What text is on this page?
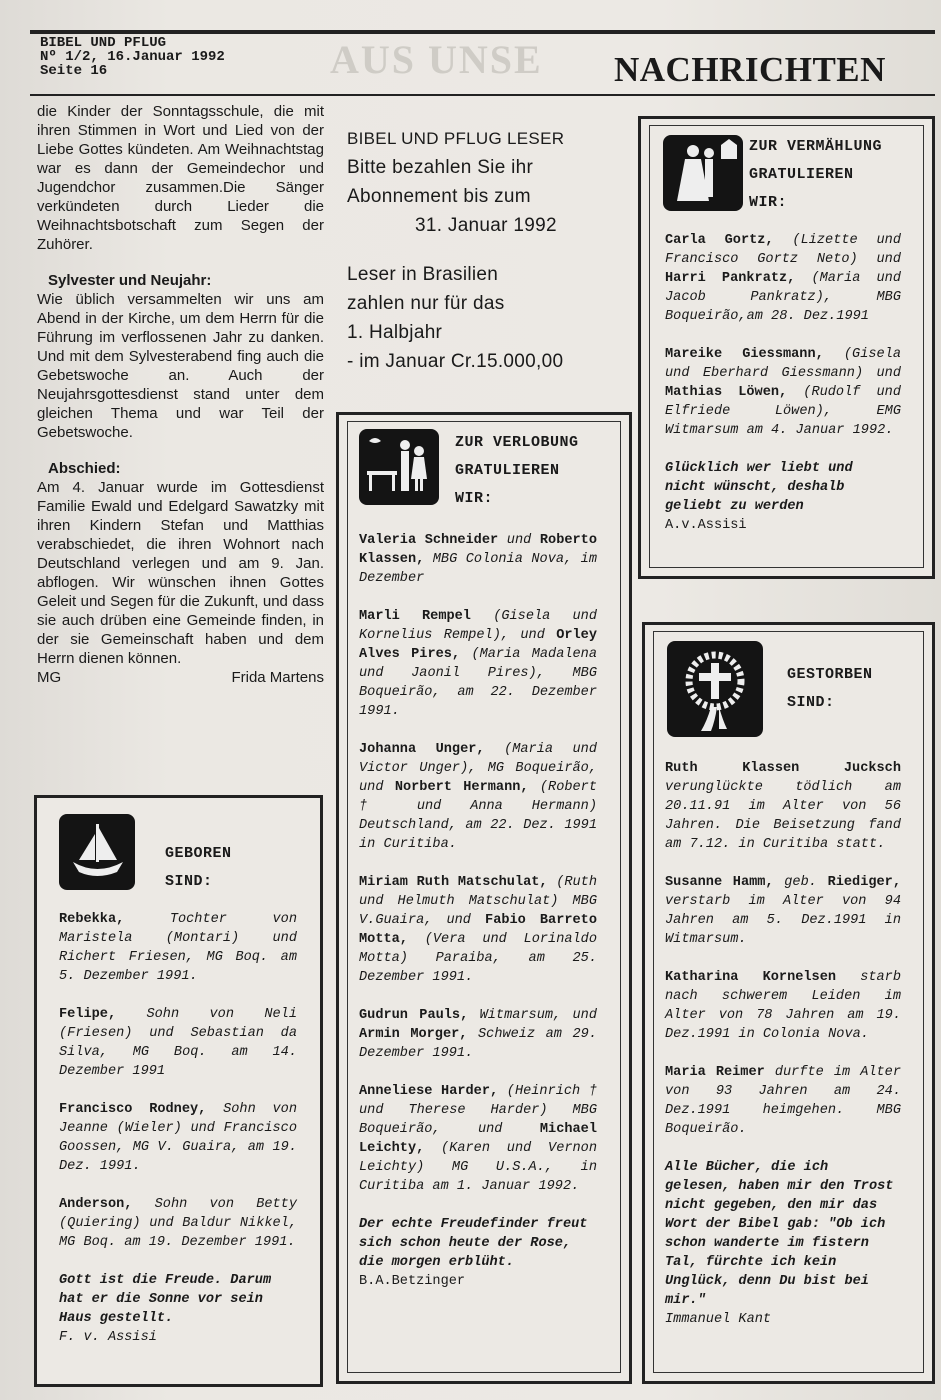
AUS UNSE
BIBEL UND PFLUG
Nº 1/2, 16.Januar 1992
Seite 16	NACHRICHTEN

die Kinder der Sonntagsschule, die mit ihren Stimmen in Wort und Lied von der Liebe Gottes kündeten. Am Weihnachtstag war es dann der Gemeindechor und Jugendchor zusammen.Die Sänger verkündeten durch Lieder die Weihnachtsbotschaft zum Segen der Zuhörer.

Sylvester und Neujahr:

Wie üblich versammelten wir uns am Abend in der Kirche, um dem Herrn für die Führung im verflossenen Jahr zu danken. Und mit dem Sylvesterabend fing auch die Gebetswoche an. Auch der Neujahrsgottesdienst stand unter dem gleichen Thema und war Teil der Gebetswoche.

Abschied:

Am 4. Januar wurde im Gottesdienst Familie Ewald und Edelgard Sawatzky mit ihren Kindern Stefan und Matthias verabschiedet, die ihren Wohnort nach Deutschland verlegen und am 9. Jan. abflogen. Wir wünschen ihnen Gottes Geleit und Segen für die Zukunft, und dass sie auch drüben eine Gemeinde finden, in der sie Gemeinschaft haben und dem Herrn dienen können.

MG	Frida Martens
BIBEL UND PFLUG LESER
Bitte bezahlen Sie ihr
Abonnement bis zum
31. Januar 1992
Leser in Brasilien
zahlen nur für das
1. Halbjahr
- im Januar Cr.15.000,00
GEBOREN
SIND:

Rebekka, Tochter von Maristela (Montari) und Richert Friesen, MG Boq. am 5. Dezember 1991.

Felipe, Sohn von Neli (Friesen) und Sebastian da Silva, MG Boq. am 14. Dezember 1991

Francisco Rodney, Sohn von Jeanne (Wieler) und Francisco Goossen, MG V. Guaira, am 19. Dez. 1991.

Anderson, Sohn von Betty (Quiering) und Baldur Nikkel, MG Boq. am 19. Dezember 1991.

Gott ist die Freude. Darum hat er die Sonne vor sein Haus gestellt.

F. v. Assisi
ZUR VERLOBUNG
GRATULIEREN
WIR:

Valeria Schneider und Roberto Klassen, MBG Colonia Nova, im Dezember

Marli Rempel (Gisela und Kornelius Rempel), und Orley Alves Pires, (Maria Madalena und Jaonil Pires), MBG Boqueirão, am 22. Dezember 1991.

Johanna Unger, (Maria und Victor Unger), MG Boqueirão, und Norbert Hermann, (Robert † und Anna Hermann) Deutschland, am 22. Dez. 1991 in Curitiba.

Miriam Ruth Matschulat, (Ruth und Helmuth Matschulat) MBG V.Guaira, und Fabio Barreto Motta, (Vera und Lorinaldo Motta) Paraiba, am 25. Dezember 1991.

Gudrun Pauls, Witmarsum, und Armin Morger, Schweiz am 29. Dezember 1991.

Anneliese Harder, (Heinrich † und Therese Harder) MBG Boqueirão, und Michael Leichty, (Karen und Vernon Leichty) MG U.S.A., in Curitiba am 1. Januar 1992.

Der echte Freudefinder freut sich schon heute der Rose, die morgen erblüht.

B.A.Betzinger
ZUR VERMÄHLUNG
GRATULIEREN
WIR:

Carla Gortz, (Lizette und Francisco Gortz Neto) und Harri Pankratz, (Maria und Jacob Pankratz), MBG Boqueirão,am 28. Dez.1991

Mareike Giessmann, (Gisela und Eberhard Giessmann) und Mathias Löwen, (Rudolf und Elfriede Löwen), EMG Witmarsum am 4. Januar 1992.

Glücklich wer liebt und nicht wünscht, deshalb geliebt zu werden

A.v.Assisi
GESTORBEN
SIND:

Ruth Klassen Jucksch verunglückte tödlich am 20.11.91 im Alter von 56 Jahren. Die Beisetzung fand am 7.12. in Curitiba statt.

Susanne Hamm, geb. Riediger, verstarb im Alter von 94 Jahren am 5. Dez.1991 in Witmarsum.

Katharina Kornelsen starb nach schwerem Leiden im Alter von 78 Jahren am 19. Dez.1991 in Colonia Nova.

Maria Reimer durfte im Alter von 93 Jahren am 24. Dez.1991 heimgehen. MBG Boqueirão.

Alle Bücher, die ich gelesen, haben mir den Trost nicht gegeben, den mir das Wort der Bibel gab: "Ob ich schon wanderte im fistern Tal, fürchte ich kein Unglück, denn Du bist bei mir."

Immanuel Kant
